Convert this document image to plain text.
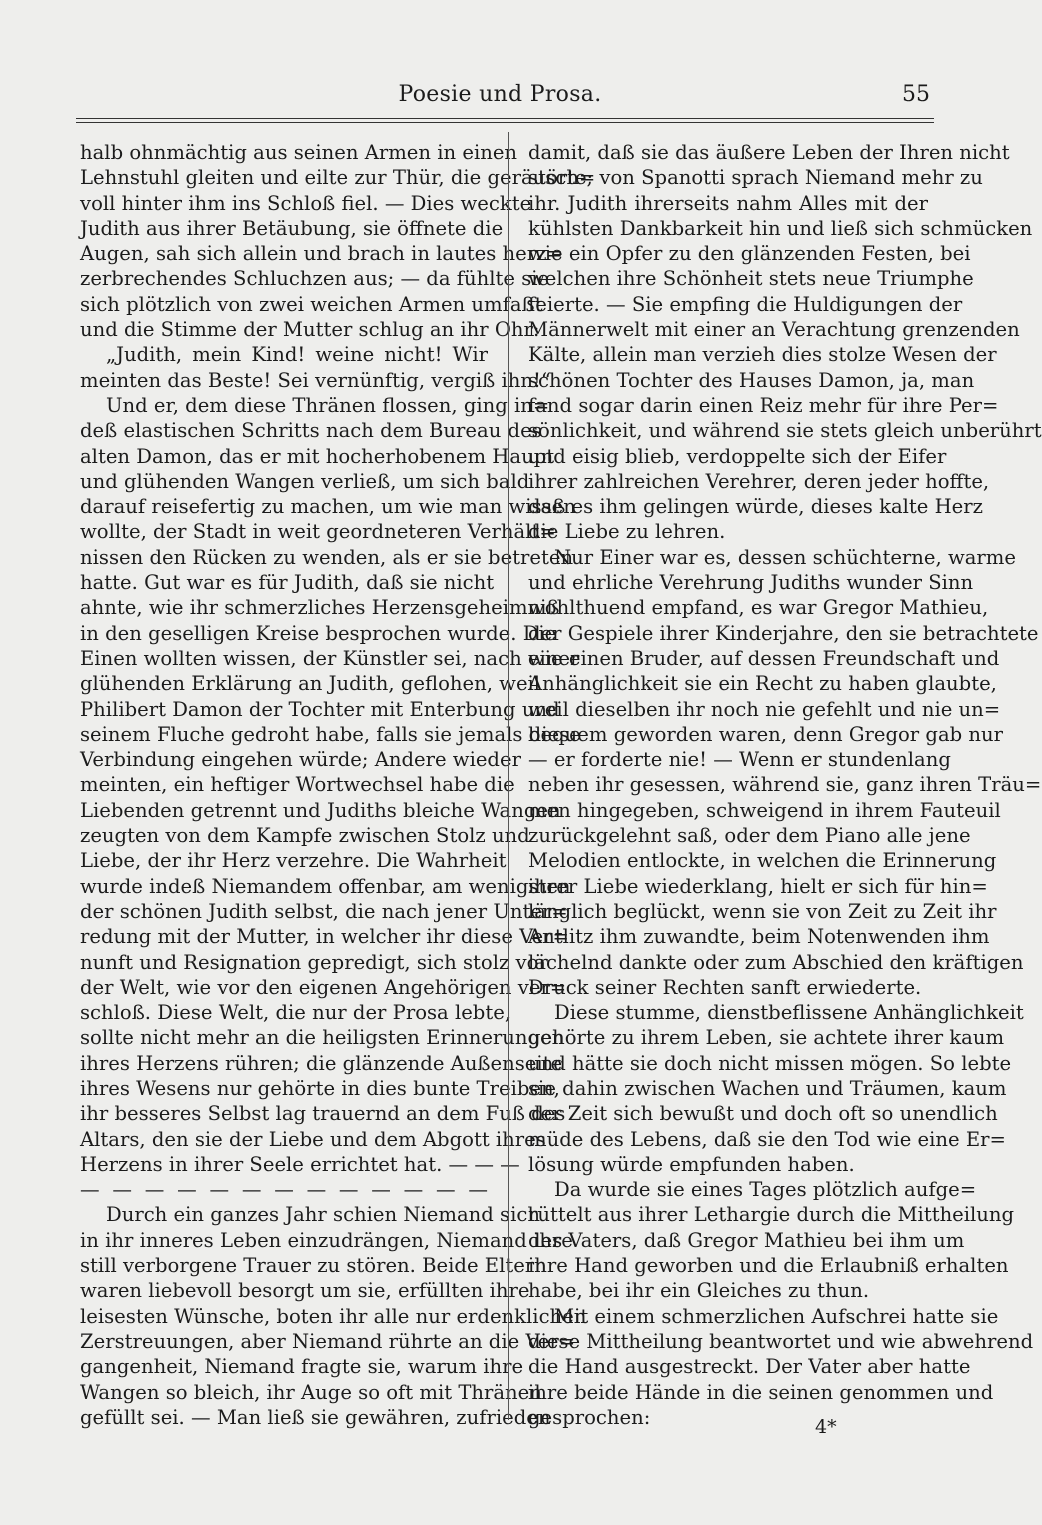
Poesie und Prosa.	55
halb ohnmächtig aus seinen Armen in einen
Lehnstuhl gleiten und eilte zur Thür, die geräusch=
voll hinter ihm ins Schloß fiel. — Dies weckte
Judith aus ihrer Betäubung, sie öffnete die
Augen, sah sich allein und brach in lautes herz=
zerbrechendes Schluchzen aus; — da fühlte sie
sich plötzlich von zwei weichen Armen umfaßt
und die Stimme der Mutter schlug an ihr Ohr:
„Judith, mein Kind! weine nicht! Wir
meinten das Beste! Sei vernünftig, vergiß ihn!“
Und er, dem diese Thränen flossen, ging in=
deß elastischen Schritts nach dem Bureau des
alten Damon, das er mit hocherhobenem Haupt
und glühenden Wangen verließ, um sich bald
darauf reisefertig zu machen, um wie man wissen
wollte, der Stadt in weit geordneteren Verhält=
nissen den Rücken zu wenden, als er sie betreten
hatte. Gut war es für Judith, daß sie nicht
ahnte, wie ihr schmerzliches Herzensgeheimniß
in den geselligen Kreise besprochen wurde. Die
Einen wollten wissen, der Künstler sei, nach einer
glühenden Erklärung an Judith, geflohen, weil
Philibert Damon der Tochter mit Enterbung und
seinem Fluche gedroht habe, falls sie jemals diese
Verbindung eingehen würde; Andere wieder
meinten, ein heftiger Wortwechsel habe die
Liebenden getrennt und Judiths bleiche Wangen
zeugten von dem Kampfe zwischen Stolz und
Liebe, der ihr Herz verzehre. Die Wahrheit
wurde indeß Niemandem offenbar, am wenigsten
der schönen Judith selbst, die nach jener Unter=
redung mit der Mutter, in welcher ihr diese Ver=
nunft und Resignation gepredigt, sich stolz vor
der Welt, wie vor den eigenen Angehörigen ver=
schloß. Diese Welt, die nur der Prosa lebte,
sollte nicht mehr an die heiligsten Erinnerungen
ihres Herzens rühren; die glänzende Außenseite
ihres Wesens nur gehörte in dies bunte Treiben,
ihr besseres Selbst lag trauernd an dem Fuß des
Altars, den sie der Liebe und dem Abgott ihres
Herzens in ihrer Seele errichtet hat. — — —
— — — — — — — — — — — — —
Durch ein ganzes Jahr schien Niemand sich
in ihr inneres Leben einzudrängen, Niemand ihre
still verborgene Trauer zu stören. Beide Eltern
waren liebevoll besorgt um sie, erfüllten ihre
leisesten Wünsche, boten ihr alle nur erdenklichen
Zerstreuungen, aber Niemand rührte an die Ver=
gangenheit, Niemand fragte sie, warum ihre
Wangen so bleich, ihr Auge so oft mit Thränen
gefüllt sei. — Man ließ sie gewähren, zufrieden
damit, daß sie das äußere Leben der Ihren nicht
störte; von Spanotti sprach Niemand mehr zu
ihr. Judith ihrerseits nahm Alles mit der
kühlsten Dankbarkeit hin und ließ sich schmücken
wie ein Opfer zu den glänzenden Festen, bei
welchen ihre Schönheit stets neue Triumphe
feierte. — Sie empfing die Huldigungen der
Männerwelt mit einer an Verachtung grenzenden
Kälte, allein man verzieh dies stolze Wesen der
schönen Tochter des Hauses Damon, ja, man
fand sogar darin einen Reiz mehr für ihre Per=
sönlichkeit, und während sie stets gleich unberührt
und eisig blieb, verdoppelte sich der Eifer
ihrer zahlreichen Verehrer, deren jeder hoffte,
daß es ihm gelingen würde, dieses kalte Herz
die Liebe zu lehren.
Nur Einer war es, dessen schüchterne, warme
und ehrliche Verehrung Judiths wunder Sinn
wohlthuend empfand, es war Gregor Mathieu,
der Gespiele ihrer Kinderjahre, den sie betrachtete
wie einen Bruder, auf dessen Freundschaft und
Anhänglichkeit sie ein Recht zu haben glaubte,
weil dieselben ihr noch nie gefehlt und nie un=
bequem geworden waren, denn Gregor gab nur
— er forderte nie! — Wenn er stundenlang
neben ihr gesessen, während sie, ganz ihren Träu=
men hingegeben, schweigend in ihrem Fauteuil
zurückgelehnt saß, oder dem Piano alle jene
Melodien entlockte, in welchen die Erinnerung
ihrer Liebe wiederklang, hielt er sich für hin=
länglich beglückt, wenn sie von Zeit zu Zeit ihr
Antlitz ihm zuwandte, beim Notenwenden ihm
lächelnd dankte oder zum Abschied den kräftigen
Druck seiner Rechten sanft erwiederte.
Diese stumme, dienstbeflissene Anhänglichkeit
gehörte zu ihrem Leben, sie achtete ihrer kaum
und hätte sie doch nicht missen mögen. So lebte
sie dahin zwischen Wachen und Träumen, kaum
der Zeit sich bewußt und doch oft so unendlich
müde des Lebens, daß sie den Tod wie eine Er=
lösung würde empfunden haben.
Da wurde sie eines Tages plötzlich aufge=
rüttelt aus ihrer Lethargie durch die Mittheilung
des Vaters, daß Gregor Mathieu bei ihm um
ihre Hand geworben und die Erlaubniß erhalten
habe, bei ihr ein Gleiches zu thun.
Mit einem schmerzlichen Aufschrei hatte sie
diese Mittheilung beantwortet und wie abwehrend
die Hand ausgestreckt. Der Vater aber hatte
ihre beide Hände in die seinen genommen und
gesprochen:	4*
